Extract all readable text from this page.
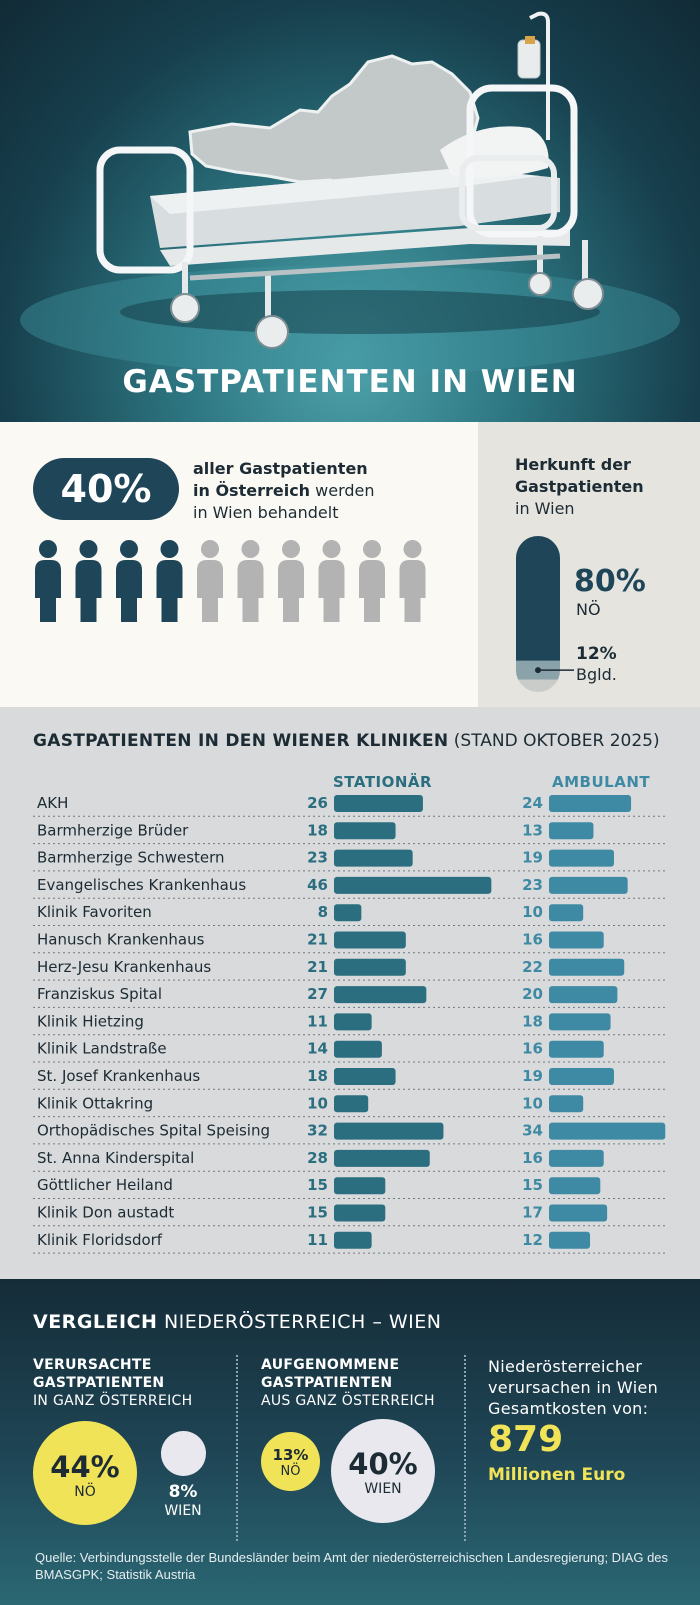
GASTPATIENTEN IN WIEN
40%	aller Gastpatienten
in Österreich werden
in Wien behandelt
Herkunft der
Gastpatienten
in Wien
80%
NÖ
12%
Bgld.
GASTPATIENTEN IN DEN WIENER KLINIKEN (STAND OKTOBER 2025)
STATIONÄR	AMBULANT
AKH	26	24
Barmherzige Brüder	18	13
Barmherzige Schwestern	23	19
Evangelisches Krankenhaus	46	23
Klinik Favoriten	8	10
Hanusch Krankenhaus	21	16
Herz-Jesu Krankenhaus	21	22
Franziskus Spital	27	20
Klinik Hietzing	11	18
Klinik Landstraße	14	16
St. Josef Krankenhaus	18	19
Klinik Ottakring	10	10
Orthopädisches Spital Speising 32	34
St. Anna Kinderspital	28	16
Göttlicher Heiland	15	15
Klinik Don austadt	15	17
Klinik Floridsdorf	11	12
VERGLEICH NIEDERÖSTERREICH – WIEN
VERURSACHTE
GASTPATIENTEN
IN GANZ ÖSTERREICH
AUFGENOMMENE
GASTPATIENTEN
AUS GANZ ÖSTERREICH
Niederösterreicher
verursachen in Wien
Gesamtkosten von:
44%
NÖ	8%
WIEN
13%
NÖ	40%
WIEN
879
Millionen Euro
Quelle: Verbindungsstelle der Bundesländer beim Amt der niederösterreichischen Landesregierung; DIAG des BMASGPK; Statistik Austria
